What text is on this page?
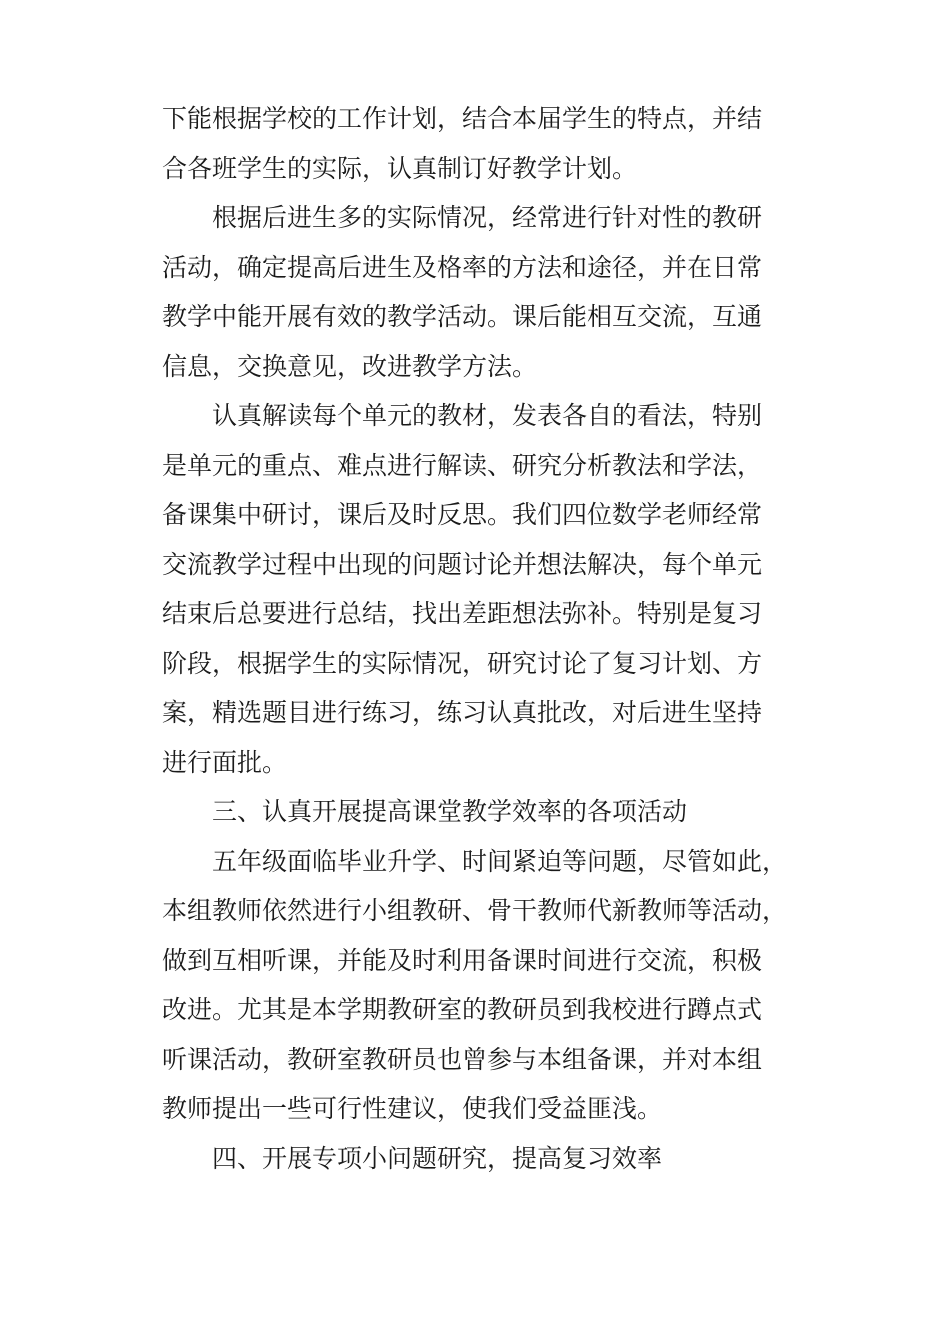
下能根据学校的工作计划，结合本届学生的特点，并结
合各班学生的实际，认真制订好教学计划。
根据后进生多的实际情况，经常进行针对性的教研
活动，确定提高后进生及格率的方法和途径，并在日常
教学中能开展有效的教学活动。课后能相互交流，互通
信息，交换意见，改进教学方法。
认真解读每个单元的教材，发表各自的看法，特别
是单元的重点、难点进行解读、研究分析教法和学法，
备课集中研讨，课后及时反思。我们四位数学老师经常
交流教学过程中出现的问题讨论并想法解决，每个单元
结束后总要进行总结，找出差距想法弥补。特别是复习
阶段，根据学生的实际情况，研究讨论了复习计划、方
案，精选题目进行练习，练习认真批改，对后进生坚持
进行面批。
三、认真开展提高课堂教学效率的各项活动
五年级面临毕业升学、时间紧迫等问题，尽管如此，
本组教师依然进行小组教研、骨干教师代新教师等活动，
做到互相听课，并能及时利用备课时间进行交流，积极
改进。尤其是本学期教研室的教研员到我校进行蹲点式
听课活动，教研室教研员也曾参与本组备课，并对本组
教师提出一些可行性建议，使我们受益匪浅。
四、开展专项小问题研究，提高复习效率
